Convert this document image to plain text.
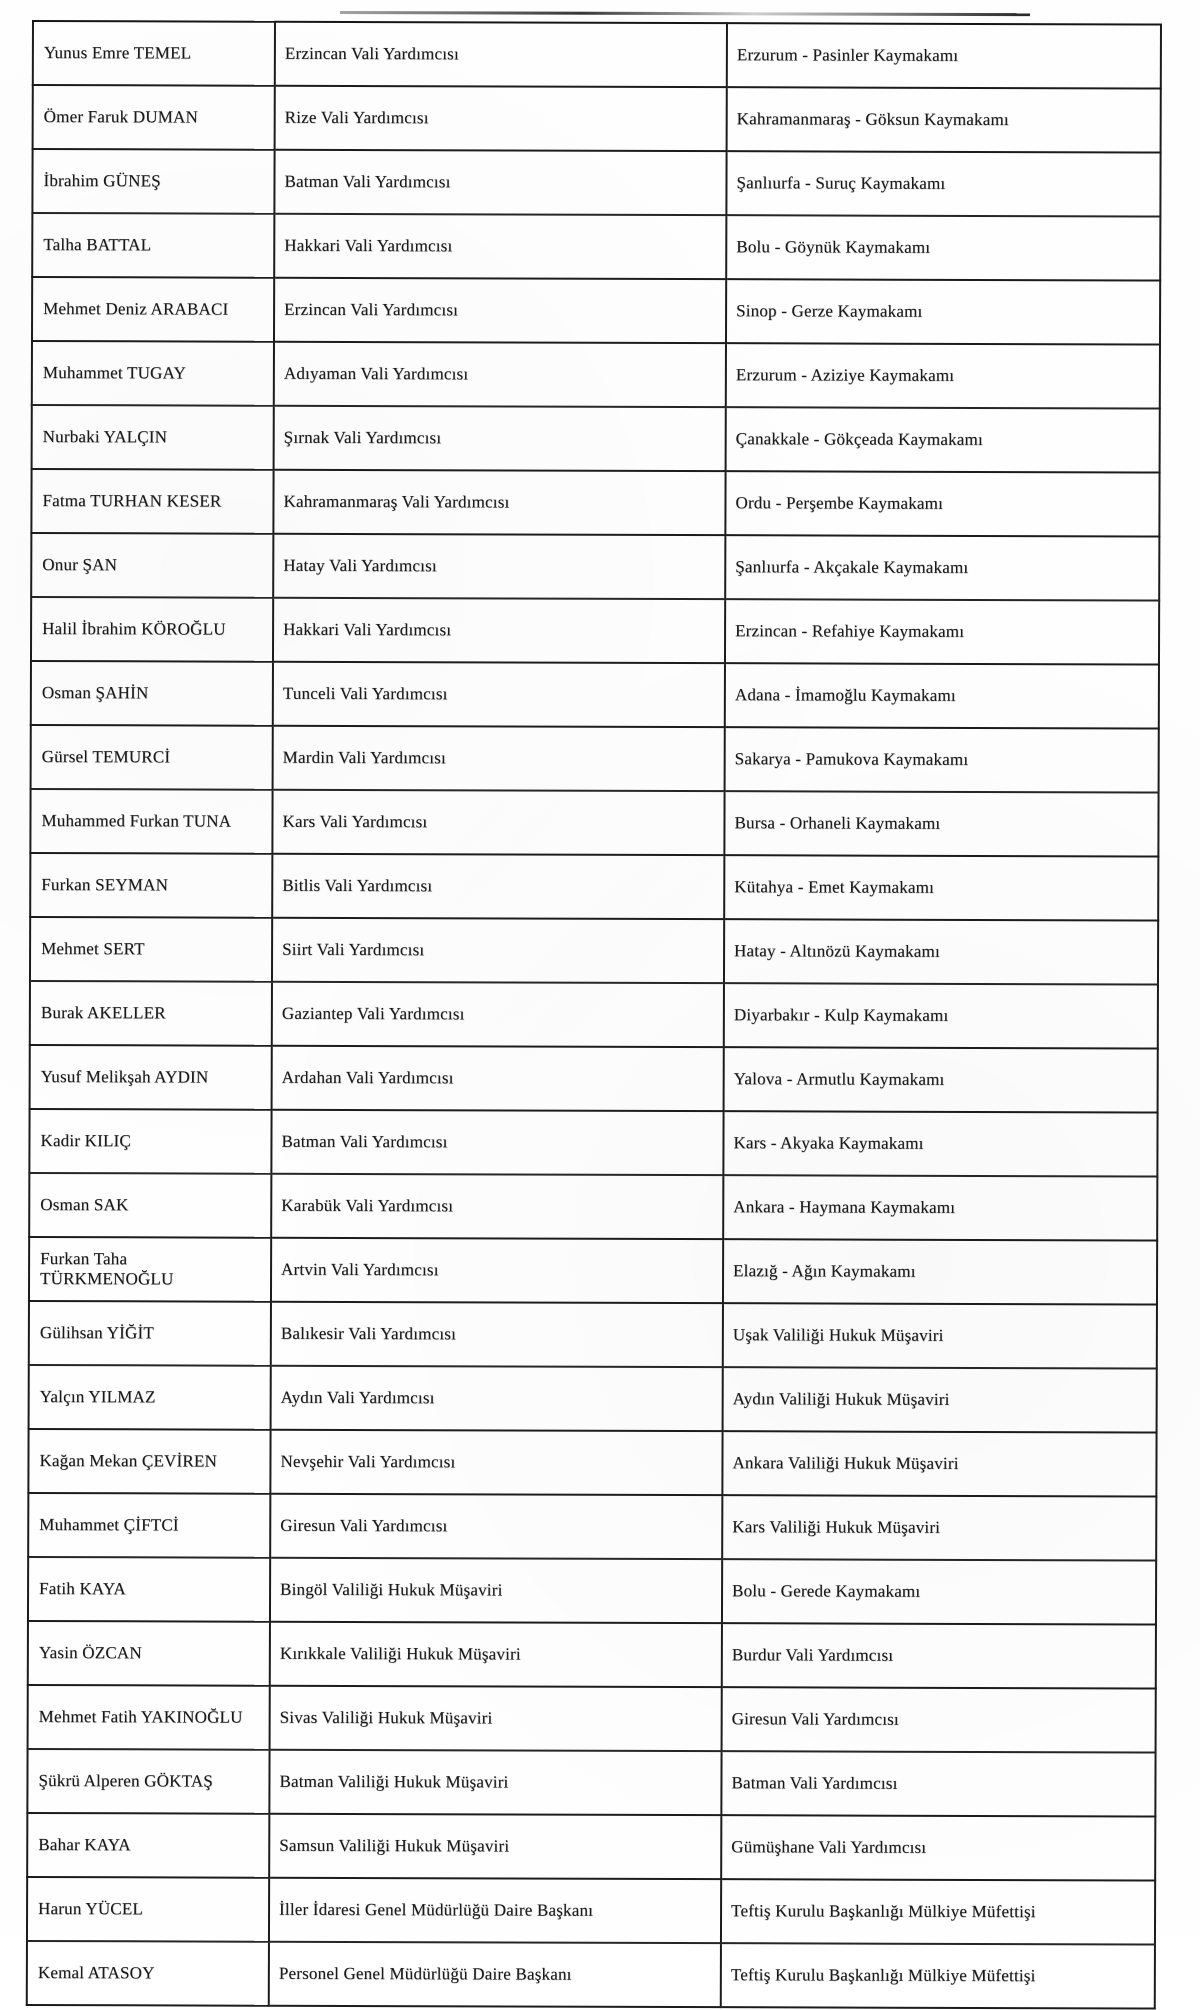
Yunus Emre TEMEL	Erzincan Vali Yardımcısı	Erzurum - Pasinler Kaymakamı
Ömer Faruk DUMAN	Rize Vali Yardımcısı	Kahramanmaraş - Göksun Kaymakamı
İbrahim GÜNEŞ	Batman Vali Yardımcısı	Şanlıurfa - Suruç Kaymakamı
Talha BATTAL	Hakkari Vali Yardımcısı	Bolu - Göynük Kaymakamı
Mehmet Deniz ARABACI	Erzincan Vali Yardımcısı	Sinop - Gerze Kaymakamı
Muhammet TUGAY	Adıyaman Vali Yardımcısı	Erzurum - Aziziye Kaymakamı
Nurbaki YALÇIN	Şırnak Vali Yardımcısı	Çanakkale - Gökçeada Kaymakamı
Fatma TURHAN KESER	Kahramanmaraş Vali Yardımcısı	Ordu - Perşembe Kaymakamı
Onur ŞAN	Hatay Vali Yardımcısı	Şanlıurfa - Akçakale Kaymakamı
Halil İbrahim KÖROĞLU	Hakkari Vali Yardımcısı	Erzincan - Refahiye Kaymakamı
Osman ŞAHİN	Tunceli Vali Yardımcısı	Adana - İmamoğlu Kaymakamı
Gürsel TEMURCİ	Mardin Vali Yardımcısı	Sakarya - Pamukova Kaymakamı
Muhammed Furkan TUNA	Kars Vali Yardımcısı	Bursa - Orhaneli Kaymakamı
Furkan SEYMAN	Bitlis Vali Yardımcısı	Kütahya - Emet Kaymakamı
Mehmet SERT	Siirt Vali Yardımcısı	Hatay - Altınözü Kaymakamı
Burak AKELLER	Gaziantep Vali Yardımcısı	Diyarbakır - Kulp Kaymakamı
Yusuf Melikşah AYDIN	Ardahan Vali Yardımcısı	Yalova - Armutlu Kaymakamı
Kadir KILIÇ	Batman Vali Yardımcısı	Kars - Akyaka Kaymakamı
Osman SAK	Karabük Vali Yardımcısı	Ankara - Haymana Kaymakamı
Furkan Taha TÜRKMENOĞLU	Artvin Vali Yardımcısı	Elazığ - Ağın Kaymakamı
Gülihsan YİĞİT	Balıkesir Vali Yardımcısı	Uşak Valiliği Hukuk Müşaviri
Yalçın YILMAZ	Aydın Vali Yardımcısı	Aydın Valiliği Hukuk Müşaviri
Kağan Mekan ÇEVİREN	Nevşehir Vali Yardımcısı	Ankara Valiliği Hukuk Müşaviri
Muhammet ÇİFTCİ	Giresun Vali Yardımcısı	Kars Valiliği Hukuk Müşaviri
Fatih KAYA	Bingöl Valiliği Hukuk Müşaviri	Bolu - Gerede Kaymakamı
Yasin ÖZCAN	Kırıkkale Valiliği Hukuk Müşaviri	Burdur Vali Yardımcısı
Mehmet Fatih YAKINOĞLU	Sivas Valiliği Hukuk Müşaviri	Giresun Vali Yardımcısı
Şükrü Alperen GÖKTAŞ	Batman Valiliği Hukuk Müşaviri	Batman Vali Yardımcısı
Bahar KAYA	Samsun Valiliği Hukuk Müşaviri	Gümüşhane Vali Yardımcısı
Harun YÜCEL	İller İdaresi Genel Müdürlüğü Daire Başkanı	Teftiş Kurulu Başkanlığı Mülkiye Müfettişi
Kemal ATASOY	Personel Genel Müdürlüğü Daire Başkanı	Teftiş Kurulu Başkanlığı Mülkiye Müfettişi
